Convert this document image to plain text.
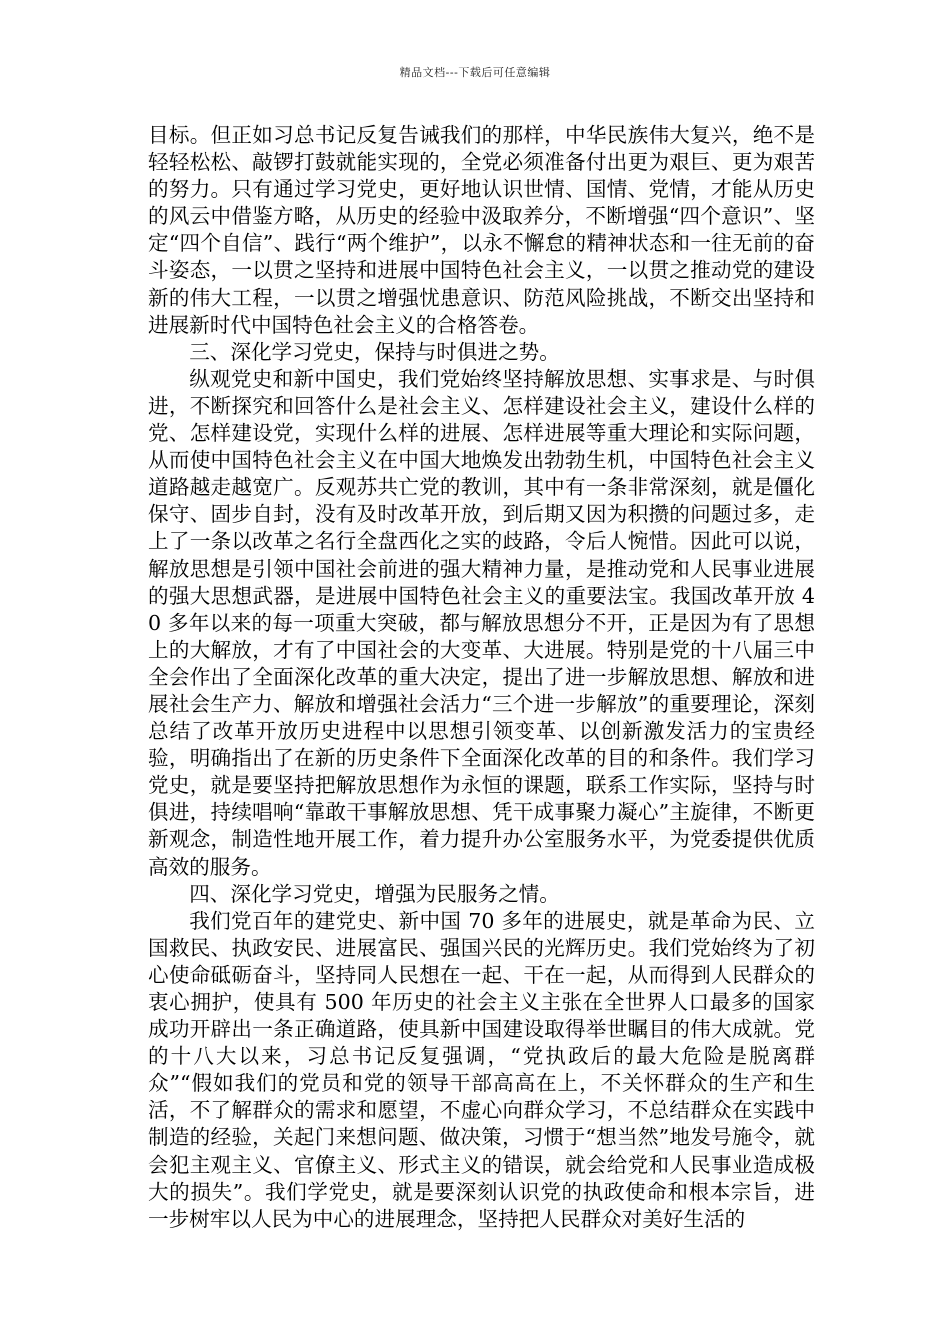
精品文档---下载后可任意编辑

目标。但正如习总书记反复告诫我们的那样，中华民族伟大复兴，绝不是轻轻松松、敲锣打鼓就能实现的，全党必须准备付出更为艰巨、更为艰苦的努力。只有通过学习党史，更好地认识世情、国情、党情，才能从历史的风云中借鉴方略，从历史的经验中汲取养分，不断增强“四个意识”、坚定“四个自信”、践行“两个维护”，以永不懈怠的精神状态和一往无前的奋斗姿态，一以贯之坚持和进展中国特色社会主义，一以贯之推动党的建设新的伟大工程，一以贯之增强忧患意识、防范风险挑战，不断交出坚持和进展新时代中国特色社会主义的合格答卷。

三、深化学习党史，保持与时俱进之势。

纵观党史和新中国史，我们党始终坚持解放思想、实事求是、与时俱进，不断探究和回答什么是社会主义、怎样建设社会主义，建设什么样的党、怎样建设党，实现什么样的进展、怎样进展等重大理论和实际问题，从而使中国特色社会主义在中国大地焕发出勃勃生机，中国特色社会主义道路越走越宽广。反观苏共亡党的教训，其中有一条非常深刻，就是僵化保守、固步自封，没有及时改革开放，到后期又因为积攒的问题过多，走上了一条以改革之名行全盘西化之实的歧路，令后人惋惜。因此可以说，解放思想是引领中国社会前进的强大精神力量，是推动党和人民事业进展的强大思想武器，是进展中国特色社会主义的重要法宝。我国改革开放 40 多年以来的每一项重大突破，都与解放思想分不开，正是因为有了思想上的大解放，才有了中国社会的大变革、大进展。特别是党的十八届三中全会作出了全面深化改革的重大决定，提出了进一步解放思想、解放和进展社会生产力、解放和增强社会活力“三个进一步解放”的重要理论，深刻总结了改革开放历史进程中以思想引领变革、以创新激发活力的宝贵经验，明确指出了在新的历史条件下全面深化改革的目的和条件。我们学习党史，就是要坚持把解放思想作为永恒的课题，联系工作实际，坚持与时俱进，持续唱响“靠敢干事解放思想、凭干成事聚力凝心”主旋律，不断更新观念，制造性地开展工作，着力提升办公室服务水平，为党委提供优质高效的服务。

四、深化学习党史，增强为民服务之情。

我们党百年的建党史、新中国 70 多年的进展史，就是革命为民、立国救民、执政安民、进展富民、强国兴民的光辉历史。我们党始终为了初心使命砥砺奋斗，坚持同人民想在一起、干在一起，从而得到人民群众的衷心拥护，使具有 500 年历史的社会主义主张在全世界人口最多的国家成功开辟出一条正确道路，使具新中国建设取得举世瞩目的伟大成就。党的十八大以来，习总书记反复强调，“党执政后的最大危险是脱离群众”“假如我们的党员和党的领导干部高高在上，不关怀群众的生产和生活，不了解群众的需求和愿望，不虚心向群众学习，不总结群众在实践中制造的经验，关起门来想问题、做决策，习惯于“想当然”地发号施令，就会犯主观主义、官僚主义、形式主义的错误，就会给党和人民事业造成极大的损失”。我们学党史，就是要深刻认识党的执政使命和根本宗旨，进一步树牢以人民为中心的进展理念，坚持把人民群众对美好生活的
